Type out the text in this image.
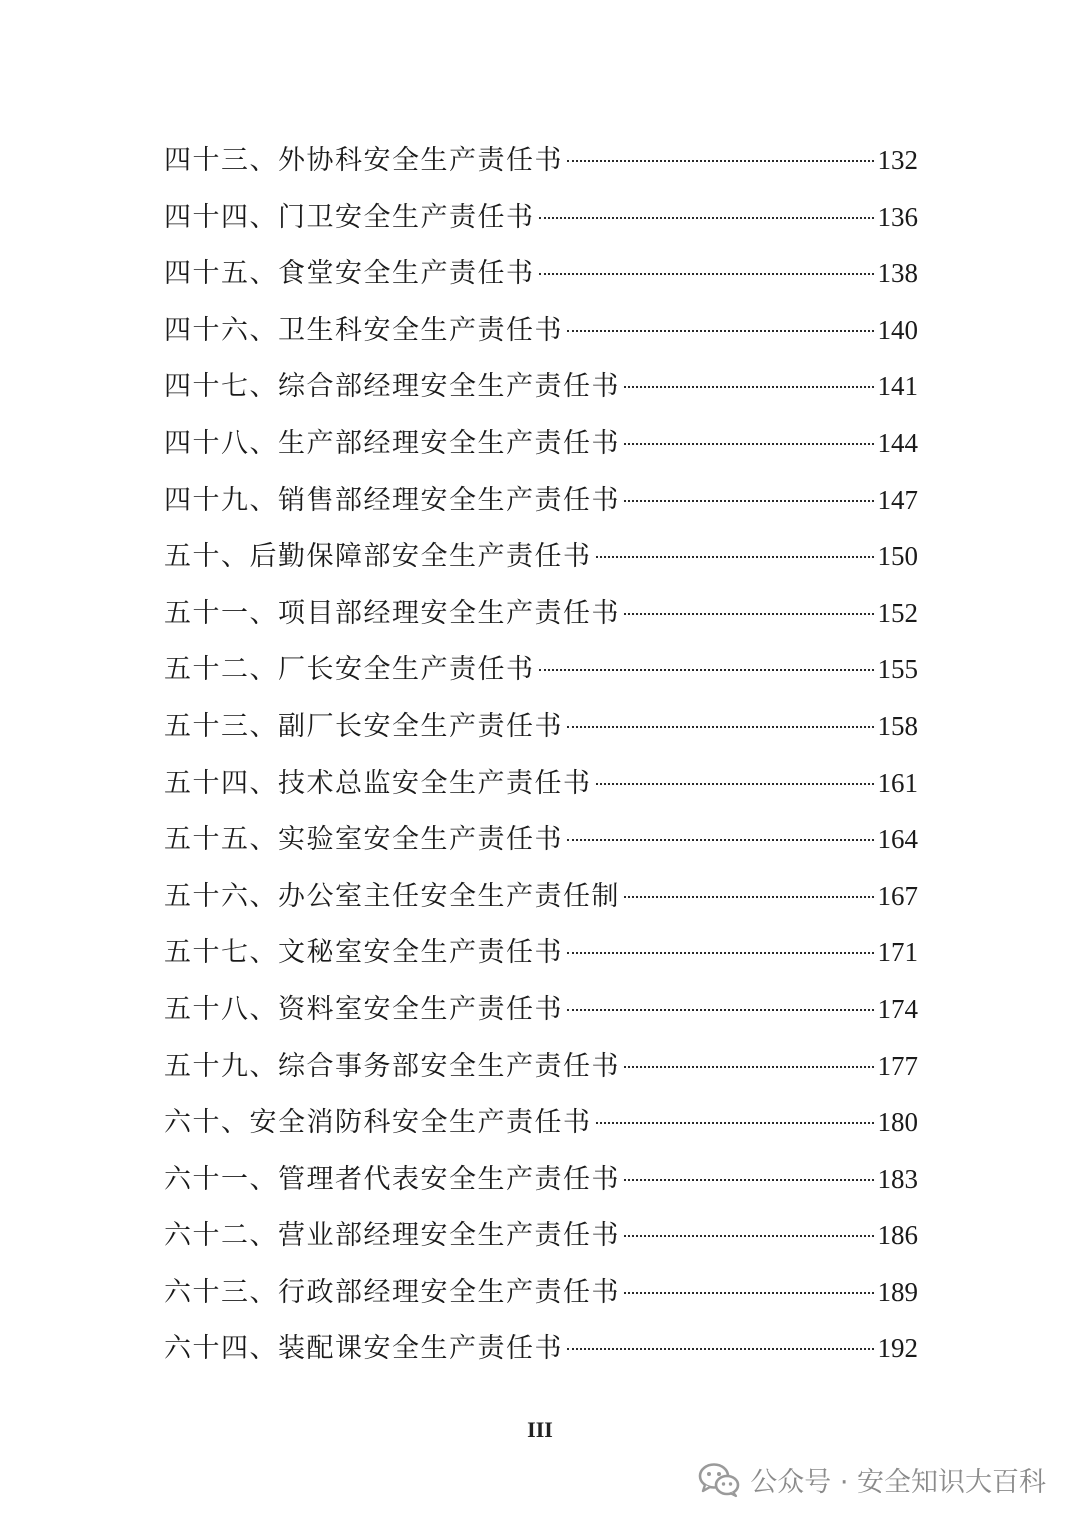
四十三、外协科安全生产责任书	132
四十四、门卫安全生产责任书	136
四十五、食堂安全生产责任书	138
四十六、卫生科安全生产责任书	140
四十七、综合部经理安全生产责任书	141
四十八、生产部经理安全生产责任书	144
四十九、销售部经理安全生产责任书	147
五十、后勤保障部安全生产责任书	150
五十一、项目部经理安全生产责任书	152
五十二、厂长安全生产责任书	155
五十三、副厂长安全生产责任书	158
五十四、技术总监安全生产责任书	161
五十五、实验室安全生产责任书	164
五十六、办公室主任安全生产责任制	167
五十七、文秘室安全生产责任书	171
五十八、资料室安全生产责任书	174
五十九、综合事务部安全生产责任书	177
六十、安全消防科安全生产责任书	180
六十一、管理者代表安全生产责任书	183
六十二、营业部经理安全生产责任书	186
六十三、行政部经理安全生产责任书	189
六十四、装配课安全生产责任书	192
III
公众号 · 安全知识大百科
